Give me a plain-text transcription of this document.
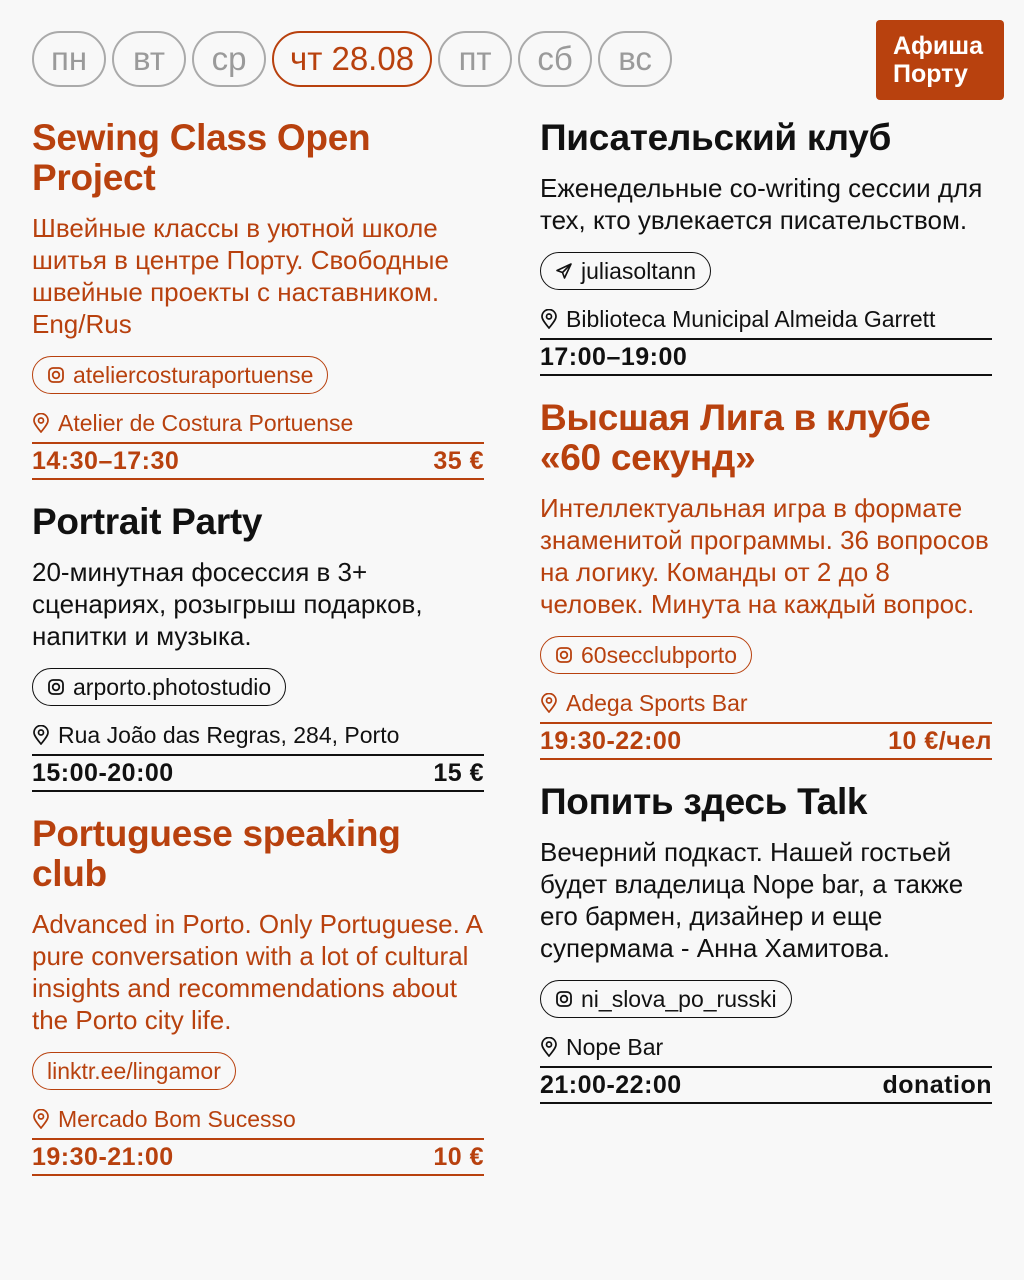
пн	вт	ср	чт 28.08	пт	сб	вс	Афиша
Порту
Sewing Class Open Project
Швейные классы в уютной школе шитья в центре Порту. Свободные швейные проекты с наставником. Eng/Rus
ateliercosturaportuense
Atelier de Costura Portuense
14:30–17:30	35 €
Portrait Party
20-минутная фосессия в 3+ сценариях, розыгрыш подарков, напитки и музыка.
arporto.photostudio
Rua João das Regras, 284, Porto
15:00-20:00	15 €
Portuguese speaking club
Advanced in Porto. Only Portuguese. A pure conversation with a lot of cultural insights and recommendations about the Porto city life.
linktr.ee/lingamor
Mercado Bom Sucesso
19:30-21:00	10 €
Писательский клуб
Еженедельные co-writing сессии для тех, кто увлекается писательством.
juliasoltann
Biblioteca Municipal Almeida Garrett
17:00–19:00
Высшая Лига в клубе «60 секунд»
Интеллектуальная игра в формате знаменитой программы. 36 вопросов на логику. Команды от 2 до 8 человек. Минута на каждый вопрос.
60secclubporto
Adega Sports Bar
19:30-22:00	10 €/чел
Попить здесь Talk
Вечерний подкаст. Нашей гостьей будет владелица Nope bar, а также его бармен, дизайнер и еще супермама - Анна Хамитова.
ni_slova_po_russki
Nope Bar
21:00-22:00	donation
